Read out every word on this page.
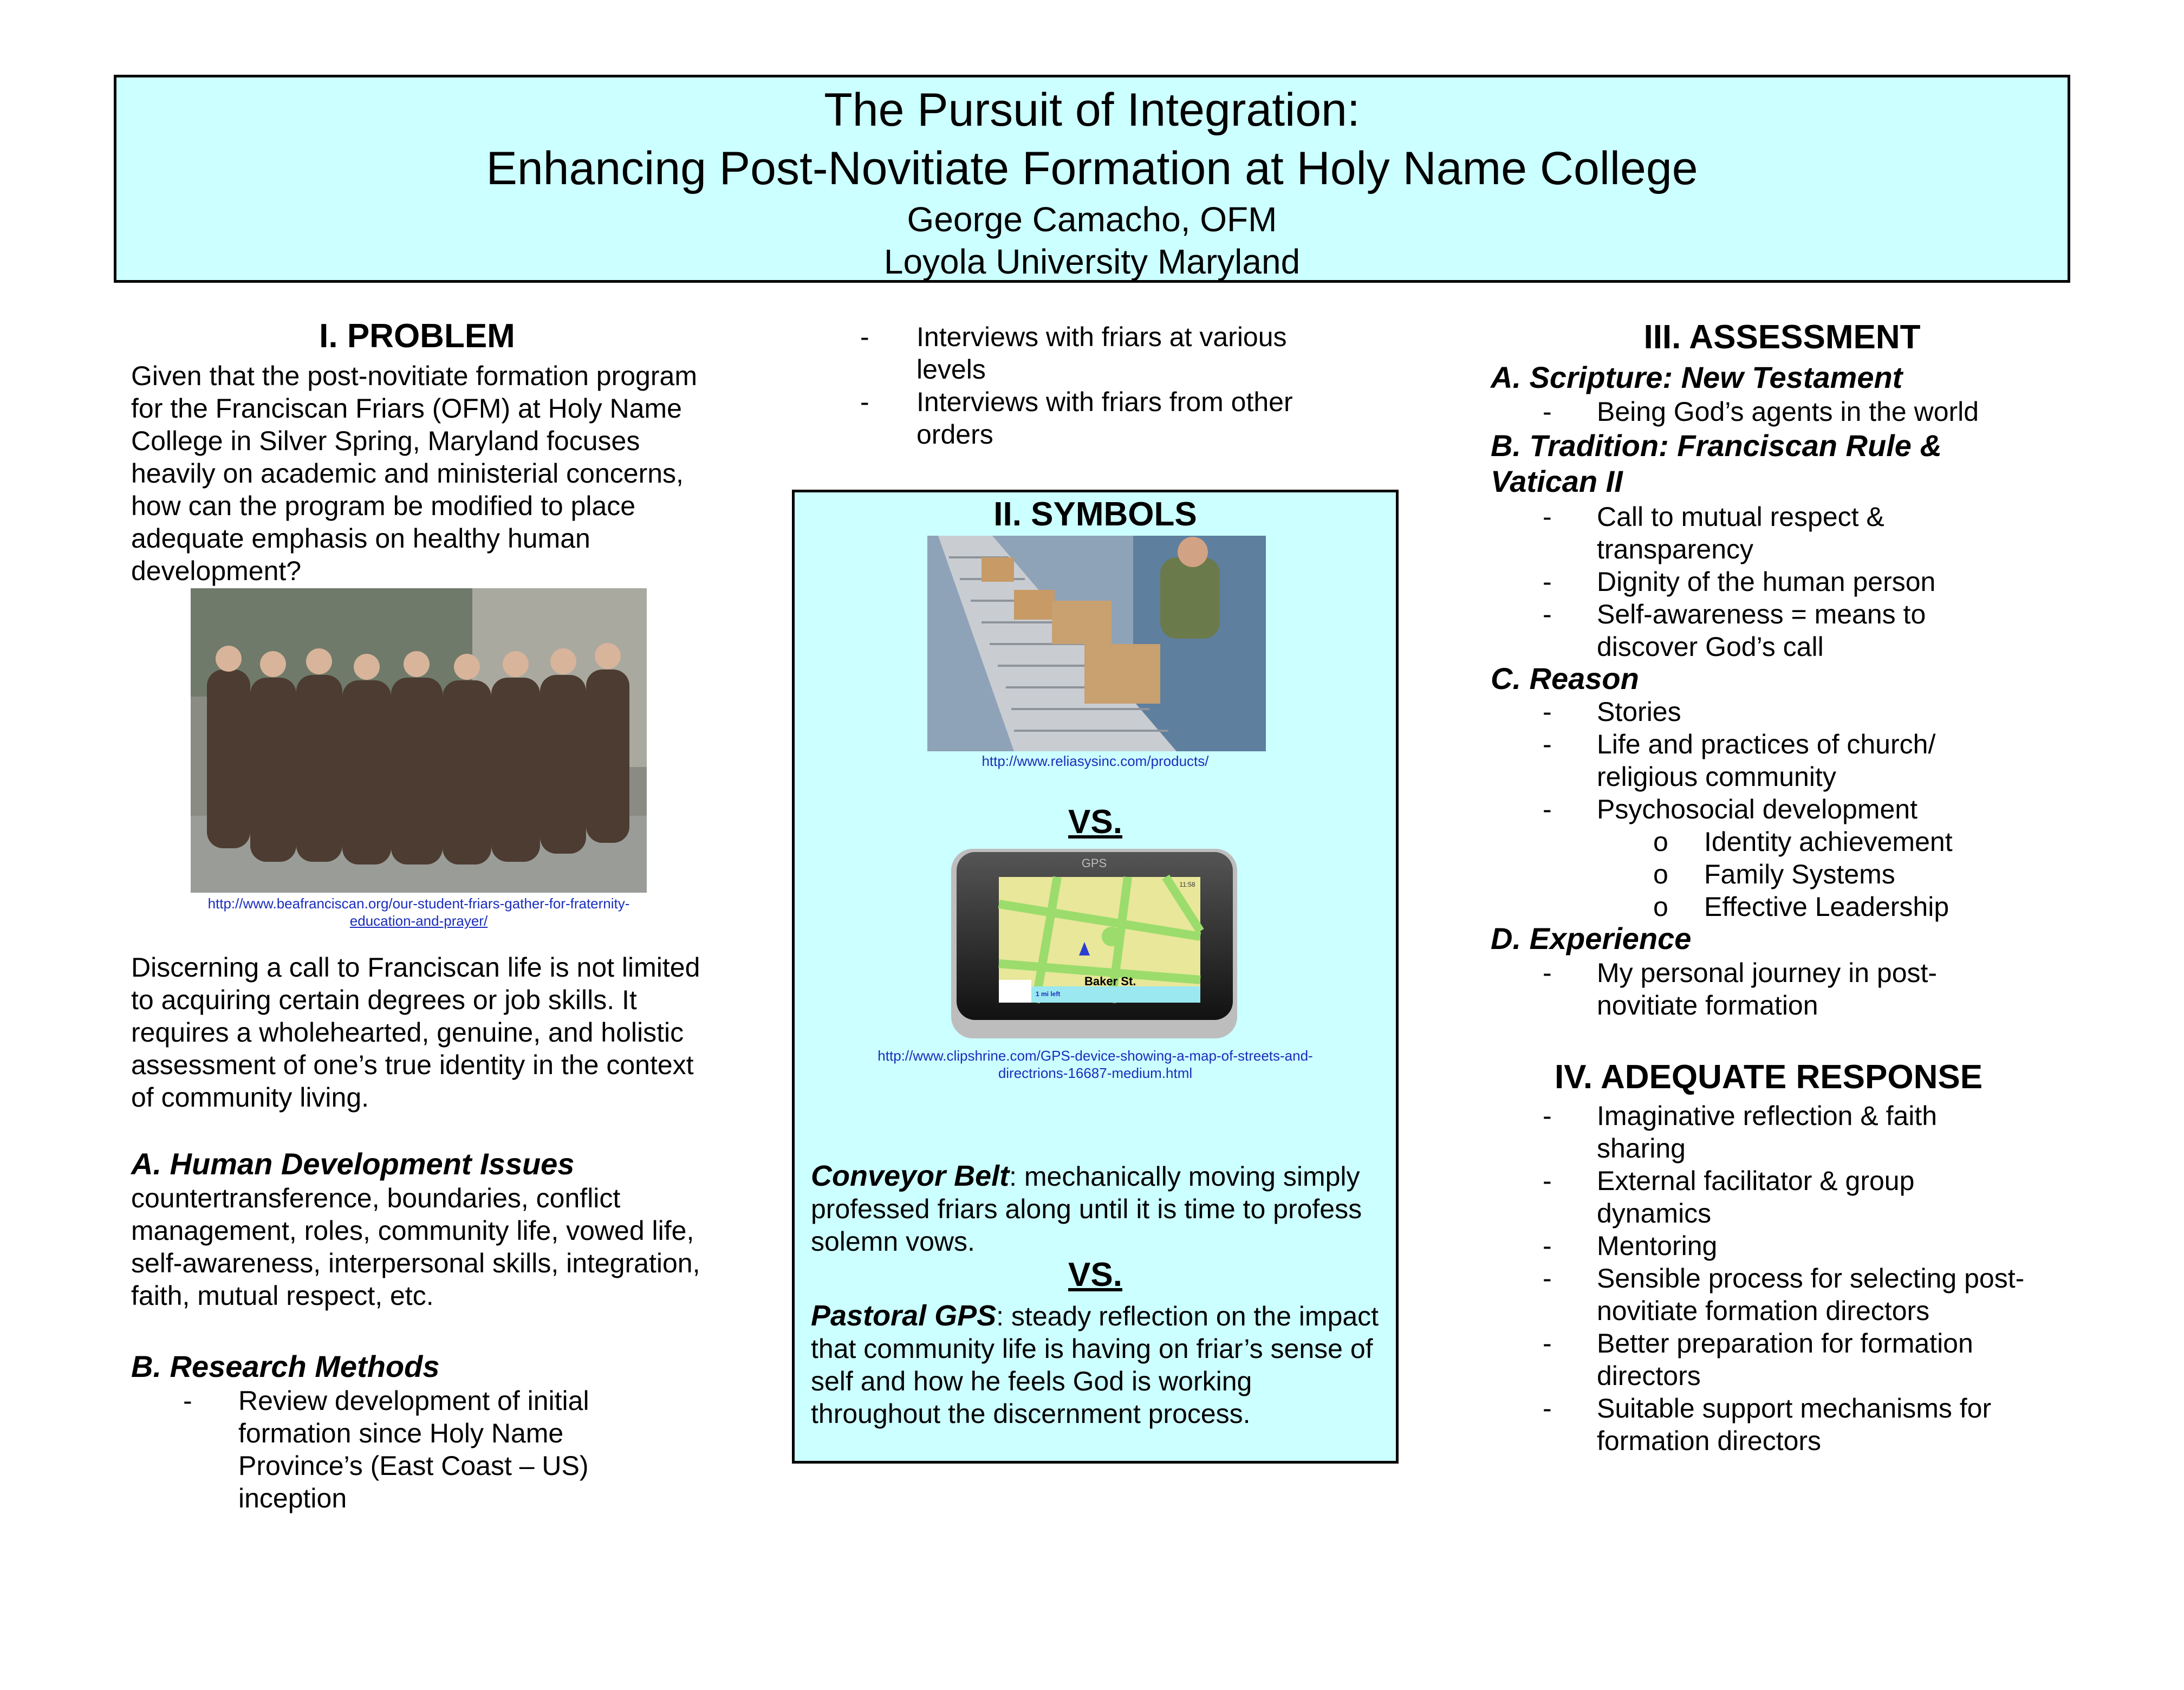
The Pursuit of Integration:
Enhancing Post-Novitiate Formation at Holy Name College
George Camacho, OFM
Loyola University Maryland
I. PROBLEM
Given that the post-novitiate formation program for the Franciscan Friars (OFM) at Holy Name College in Silver Spring, Maryland focuses heavily on academic and ministerial concerns, how can the program be modified to place adequate emphasis on healthy human development?
http://www.beafranciscan.org/our-student-friars-gather-for-fraternity-
education-and-prayer/
Discerning a call to Franciscan life is not limited to acquiring certain degrees or job skills. It requires a wholehearted, genuine, and holistic assessment of one’s true identity in the context of community living.
A. Human Development Issues
countertransference, boundaries, conflict management, roles, community life, vowed life, self-awareness, interpersonal skills, integration, faith, mutual respect, etc.
B. Research Methods
- Review development of initial formation since Holy Name Province’s (East Coast – US) inception
- Interviews with friars at various levels
- Interviews with friars from other orders
II. SYMBOLS
http://www.reliasysinc.com/products/
VS.
Baker St.
1 mi left
GPS
11:58
http://www.clipshrine.com/GPS-device-showing-a-map-of-streets-and-
directrions-16687-medium.html
Conveyor Belt: mechanically moving simply professed friars along until it is time to profess solemn vows.
VS.
Pastoral GPS: steady reflection on the impact that community life is having on friar’s sense of self and how he feels God is working throughout the discernment process.
III. ASSESSMENT
A. Scripture: New Testament
- Being God’s agents in the world
B. Tradition: Franciscan Rule &
Vatican II
- Call to mutual respect & transparency
- Dignity of the human person
- Self-awareness = means to discover God’s call
C. Reason
- Stories
- Life and practices of church/ religious community
- Psychosocial development
o Identity achievement
o Family Systems
o Effective Leadership
D. Experience
- My personal journey in post-novitiate formation
IV. ADEQUATE RESPONSE
- Imaginative reflection & faith sharing
- External facilitator & group dynamics
- Mentoring
- Sensible process for selecting post-novitiate formation directors
- Better preparation for formation directors
- Suitable support mechanisms for formation directors
